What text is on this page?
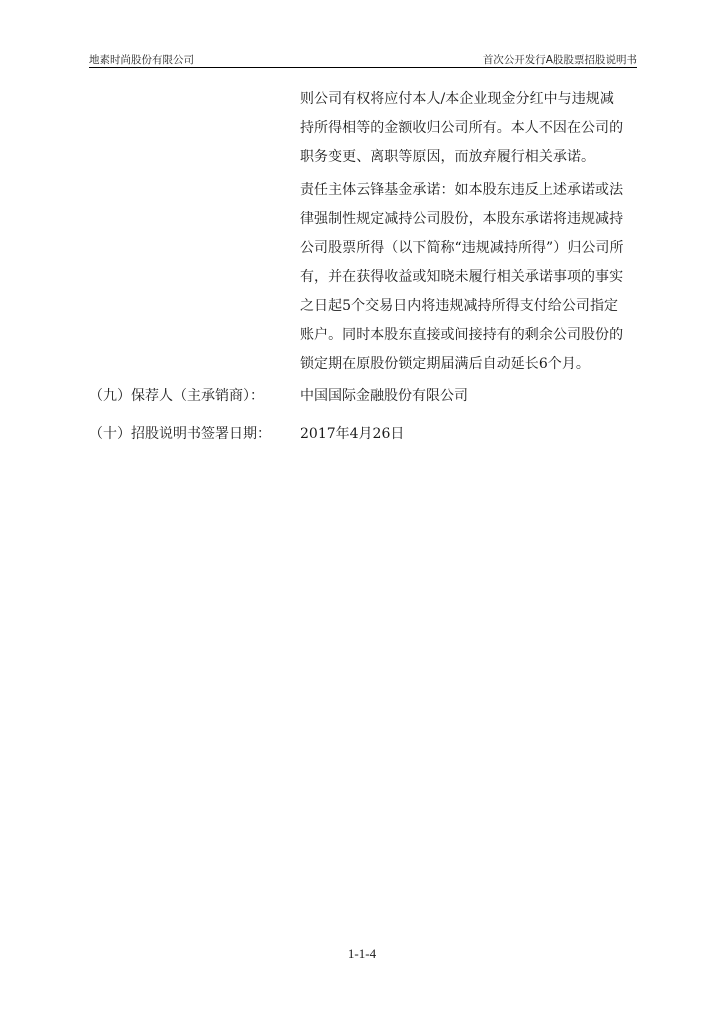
地素时尚股份有限公司	首次公开发行A股股票招股说明书
则公司有权将应付本人/本企业现金分红中与违规减
持所得相等的金额收归公司所有。本人不因在公司的
职务变更、离职等原因，而放弃履行相关承诺。
责任主体云锋基金承诺：如本股东违反上述承诺或法
律强制性规定减持公司股份，本股东承诺将违规减持
公司股票所得（以下简称“违规减持所得”）归公司所
有，并在获得收益或知晓未履行相关承诺事项的事实
之日起5个交易日内将违规减持所得支付给公司指定
账户。同时本股东直接或间接持有的剩余公司股份的
锁定期在原股份锁定期届满后自动延长6个月。
（九）保荐人（主承销商）：	中国国际金融股份有限公司
（十）招股说明书签署日期： 2017年4月26日
1-1-4
